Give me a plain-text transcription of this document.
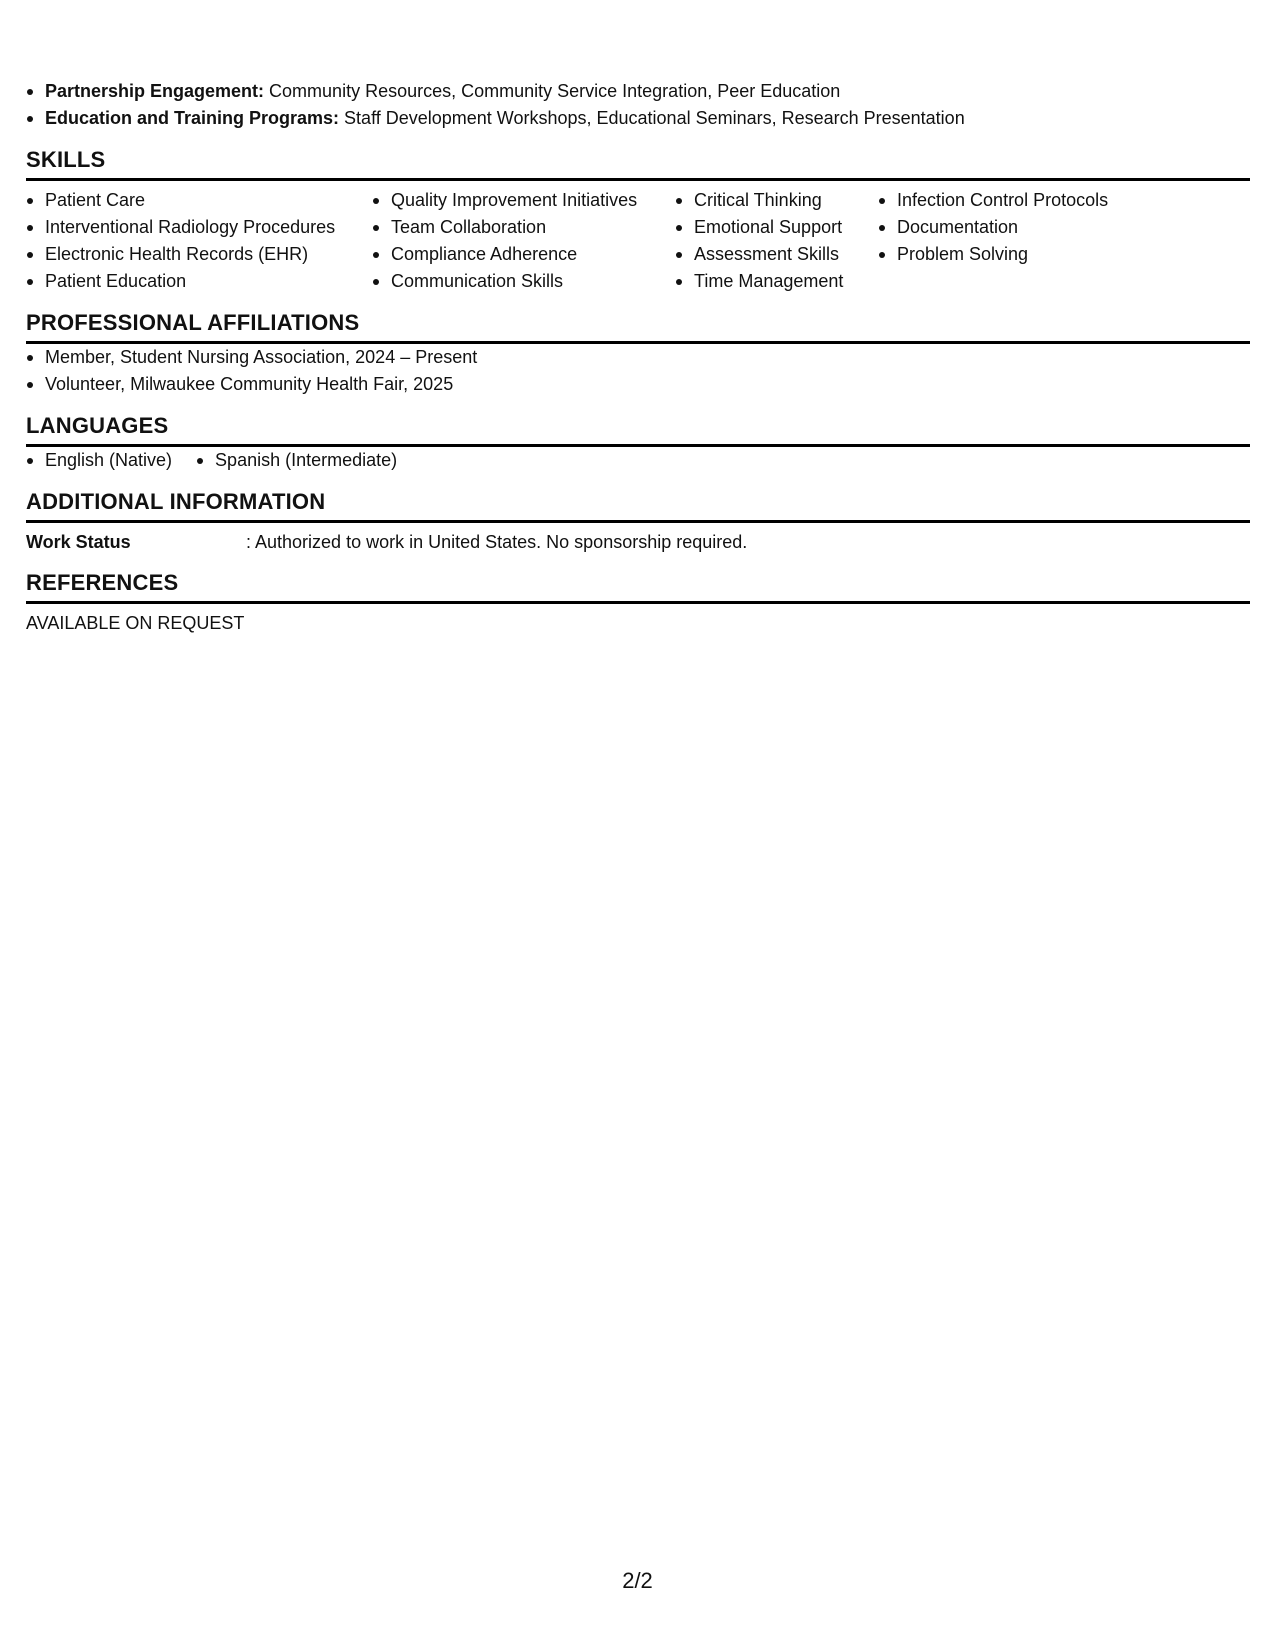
Partnership Engagement: Community Resources, Community Service Integration, Peer Education
Education and Training Programs: Staff Development Workshops, Educational Seminars, Research Presentation
SKILLS
Patient Care
Interventional Radiology Procedures
Electronic Health Records (EHR)
Patient Education
Quality Improvement Initiatives
Team Collaboration
Compliance Adherence
Communication Skills
Critical Thinking
Emotional Support
Assessment Skills
Time Management
Infection Control Protocols
Documentation
Problem Solving
PROFESSIONAL AFFILIATIONS
Member, Student Nursing Association, 2024 – Present
Volunteer, Milwaukee Community Health Fair, 2025
LANGUAGES
English (Native)	Spanish (Intermediate)
ADDITIONAL INFORMATION
Work Status	: Authorized to work in United States. No sponsorship required.
REFERENCES
AVAILABLE ON REQUEST
2/2
